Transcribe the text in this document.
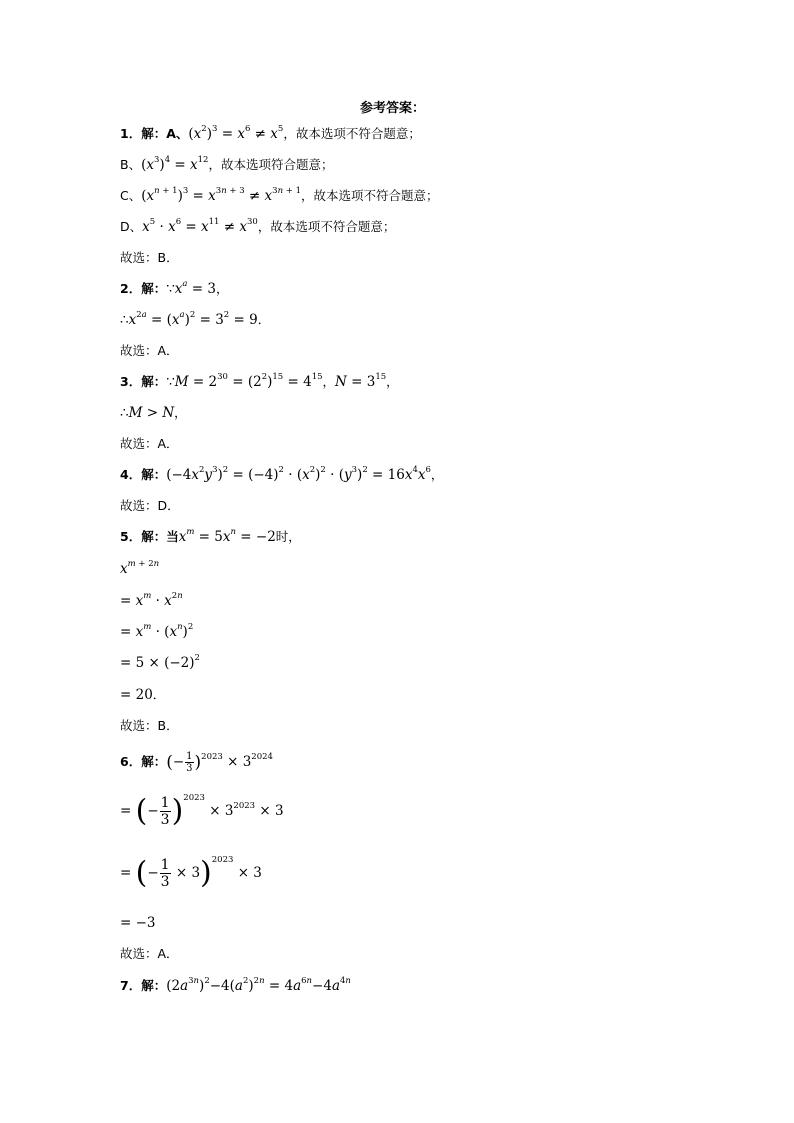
参考答案：
1．解：A、$(x^2)^3 = x^6 \ne x^5$，故本选项不符合题意；
B、$(x^3)^4 = x^{12}$，故本选项符合题意；
C、$(x^{n + 1})^3 = x^{3n + 3} \ne x^{3n + 1}$，故本选项不符合题意；
D、$x^5 \cdot x^6 = x^{11} \ne x^{30}$，故本选项不符合题意；
故选：B．
2．解：$\because x^a = 3$，
$\therefore x^{2a} = (x^a)^2 = 3^2 = 9$．
故选：A．
3．解：∵M = $2^{30} = (2^2)^{15} = 4^{15}$，$N = 3^{15}$，
∴M > N，
故选：A．
4．解：$(-4x^2y^3)^2 = (-4)^2 \cdot (x^2)^2 \cdot (y^3)^2 = 16x^4x^6$，
故选：D．
5．解：当$x^m = 5x^n = -2$时，
$x^{m + 2n}$
= $x^m \cdot x^{2n}$
= $x^m \cdot (x^n)^2$
= $5 \times (-2)^2$
= 20．
故选：B．
6．解：(− $\frac{1}{3} )^{2023} \times 3^{2024}$
= (− $\frac{1}{3} )^{2023} \times 3^{2023} \times 3$
= (− $\frac{1}{3} \times 3)^{2023} \times 3$
= −3
故选：A．
7．解：$(2a^{3n})^2-4(a^2)^{2n} = 4a^{6n}-4a^{4n}$
